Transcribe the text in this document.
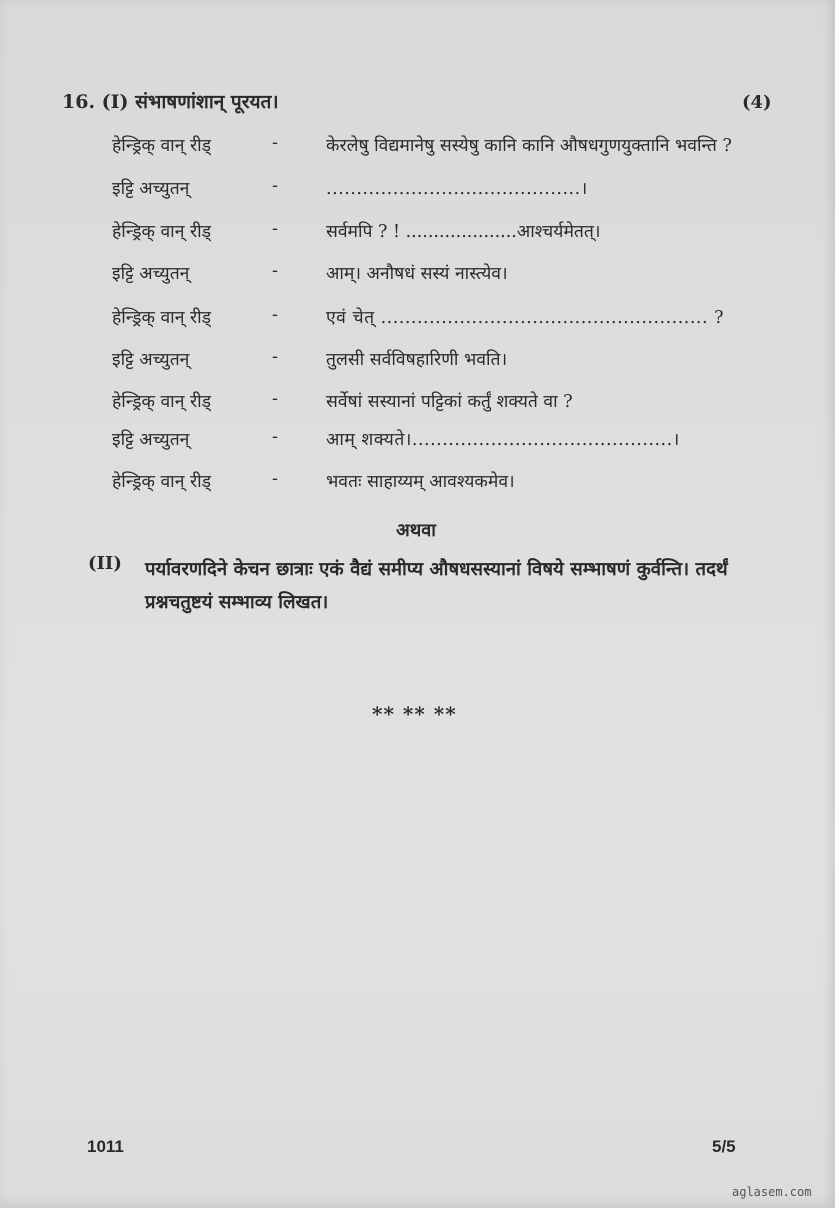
16. (I) संभाषणांशान् पूरयत।	(4)
हेन्ड्रिक् वान् रीड्	-	केरलेषु विद्यमानेषु सस्येषु कानि कानि औषधगुणयुक्तानि भवन्ति ?
इट्टि अच्युतन्	-	..........................................।
हेन्ड्रिक् वान् रीड्	-	सर्वमपि ? ! ....................आश्चर्यमेतत्।
इट्टि अच्युतन्	-	आम्। अनौषधं सस्यं नास्त्येव।
हेन्ड्रिक् वान् रीड्	-	एवं चेत् ...................................................... ?
इट्टि अच्युतन्	-	तुलसी सर्वविषहारिणी भवति।
हेन्ड्रिक् वान् रीड्	-	सर्वेषां सस्यानां पट्टिकां कर्तुं शक्यते वा ?
इट्टि अच्युतन्	-	आम् शक्यते।...........................................।
हेन्ड्रिक् वान् रीड्	-	भवतः साहाय्यम् आवश्यकमेव।
अथवा
(II) पर्यावरणदिने केचन छात्राः एकं वैद्यं समीप्य औषधसस्यानां विषये सम्भाषणं कुर्वन्ति। तदर्थं प्रश्नचतुष्टयं सम्भाव्य लिखत।
** ** **
1011	5/5
aglasem.com
